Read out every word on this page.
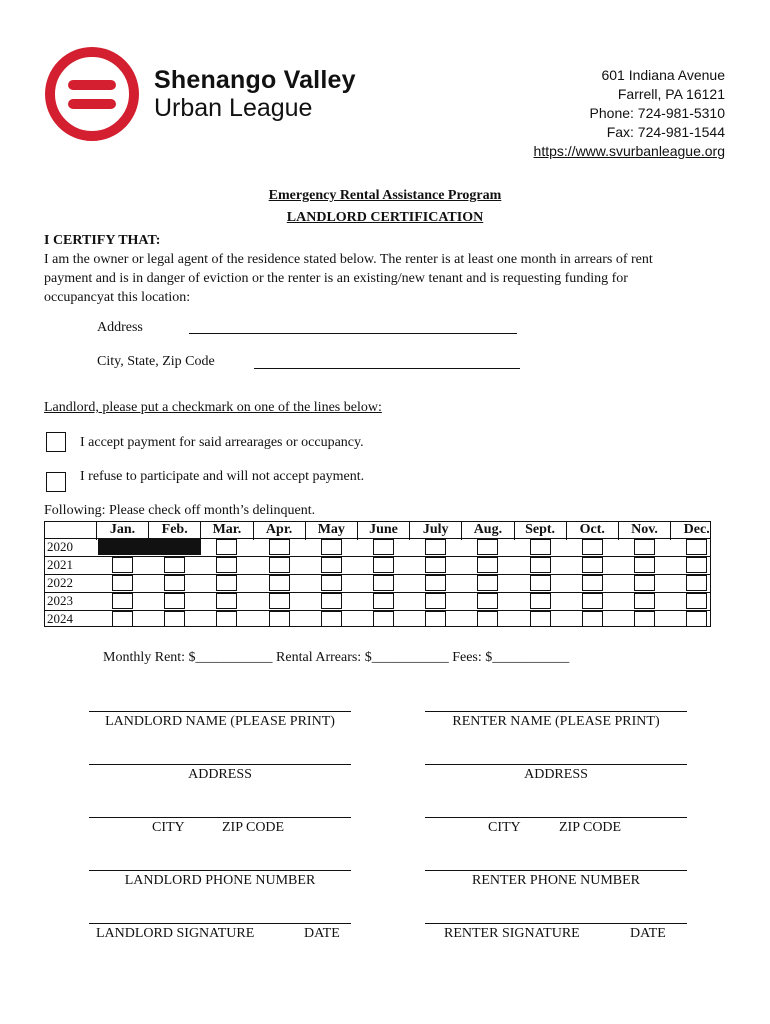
Shenango Valley
Urban League
601 Indiana Avenue
Farrell, PA 16121
Phone: 724-981-5310
Fax: 724-981-1544
https://www.svurbanleague.org
Emergency Rental Assistance Program
LANDLORD CERTIFICATION
I CERTIFY THAT:
I am the owner or legal agent of the residence stated below. The renter is at least one month in arrears of rent payment and is in danger of eviction or the renter is an existing/new tenant and is requesting funding for occupancyat this location:
Address
City, State, Zip Code
Landlord, please put a checkmark on one of the lines below:
I accept payment for said arrearages or occupancy.
I refuse to participate and will not accept payment.
Following: Please check off month’s delinquent.
Jan.	Feb.	Mar.	Apr.	May	June	July	Aug.	Sept.	Oct.	Nov.	Dec.
2020
2021
2022
2023
2024
Monthly Rent: $___________ Rental Arrears: $___________ Fees: $___________
LANDLORD NAME (PLEASE PRINT)
ADDRESS
CITY	ZIP CODE
LANDLORD PHONE NUMBER
LANDLORD SIGNATURE	DATE
RENTER NAME (PLEASE PRINT)
ADDRESS
CITY	ZIP CODE
RENTER PHONE NUMBER
RENTER SIGNATURE	DATE
